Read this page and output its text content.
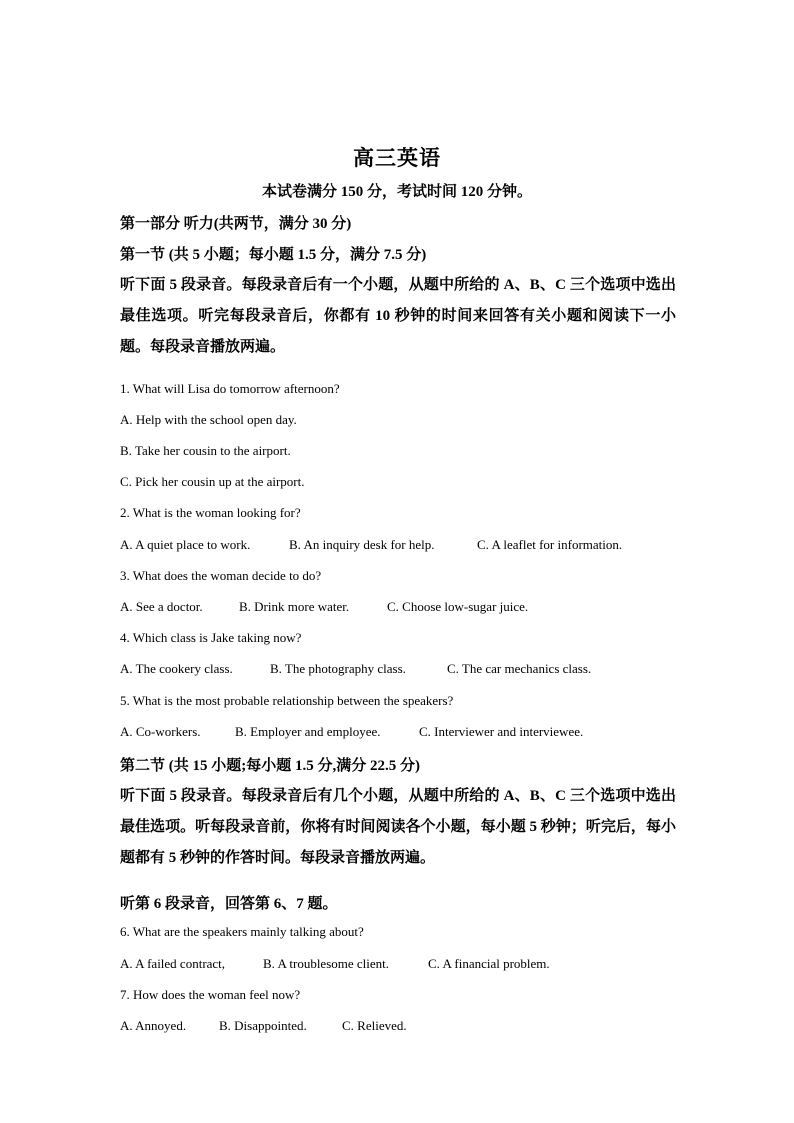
高三英语
本试卷满分 150 分，考试时间 120 分钟。
第一部分 听力(共两节，满分 30 分)
第一节 (共 5 小题；每小题 1.5 分，满分 7.5 分)
听下面 5 段录音。每段录音后有一个小题，从题中所给的 A、B、C 三个选项中选出最佳选项。听完每段录音后，你都有 10 秒钟的时间来回答有关小题和阅读下一小题。每段录音播放两遍。
1. What will Lisa do tomorrow afternoon?
A. Help with the school open day.
B. Take her cousin to the airport.
C. Pick her cousin up at the airport.
2. What is the woman looking for?
A. A quiet place to work.	B. An inquiry desk for help.	C. A leaflet for information.
3. What does the woman decide to do?
A. See a doctor.	B. Drink more water.	C. Choose low-sugar juice.
4. Which class is Jake taking now?
A. The cookery class.	B. The photography class.	C. The car mechanics class.
5. What is the most probable relationship between the speakers?
A. Co-workers.	B. Employer and employee.	C. Interviewer and interviewee.
第二节 (共 15 小题;每小题 1.5 分,满分 22.5 分)
听下面 5 段录音。每段录音后有几个小题，从题中所给的 A、B、C 三个选项中选出最佳选项。听每段录音前，你将有时间阅读各个小题，每小题 5 秒钟；听完后，每小题都有 5 秒钟的作答时间。每段录音播放两遍。
听第 6 段录音，回答第 6、7 题。
6. What are the speakers mainly talking about?
A. A failed contract,	B. A troublesome client.	C. A financial problem.
7. How does the woman feel now?
A. Annoyed.	B. Disappointed.	C. Relieved.
